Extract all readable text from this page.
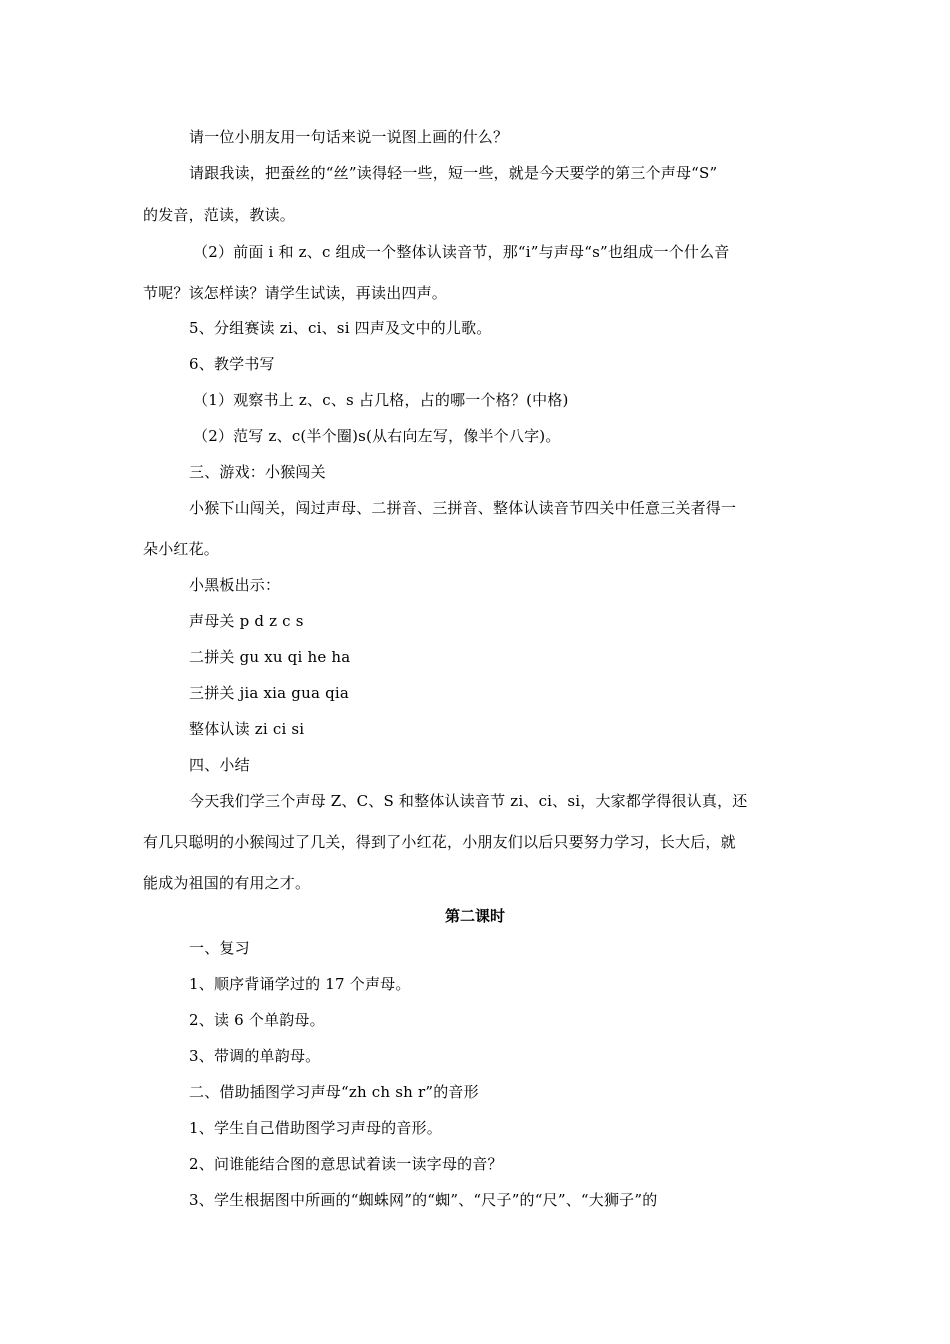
请一位小朋友用一句话来说一说图上画的什么？
请跟我读，把蚕丝的“丝”读得轻一些，短一些，就是今天要学的第三个声母“S”
的发音，范读，教读。
（2）前面 i 和 z、c 组成一个整体认读音节，那“i”与声母“s”也组成一个什么音
节呢？该怎样读？请学生试读，再读出四声。
5、分组赛读 zi、ci、si 四声及文中的儿歌。
6、教学书写
（1）观察书上 z、c、s 占几格，占的哪一个格？(中格)
（2）范写 z、c(半个圈)s(从右向左写，像半个八字)。
三、游戏：小猴闯关
小猴下山闯关，闯过声母、二拼音、三拼音、整体认读音节四关中任意三关者得一
朵小红花。
小黑板出示：
声母关 p d z c s
二拼关 gu xu qi he ha
三拼关 jia xia gua qia
整体认读 zi ci si
四、小结
今天我们学三个声母 Z、C、S 和整体认读音节 zi、ci、si，大家都学得很认真，还
有几只聪明的小猴闯过了几关，得到了小红花，小朋友们以后只要努力学习，长大后，就
能成为祖国的有用之才。
第二课时
一、复习
1、顺序背诵学过的 17 个声母。
2、读 6 个单韵母。
3、带调的单韵母。
二、借助插图学习声母“zh ch sh r”的音形
1、学生自己借助图学习声母的音形。
2、问谁能结合图的意思试着读一读字母的音？
3、学生根据图中所画的“蜘蛛网”的“蜘”、“尺子”的“尺”、“大狮子”的
